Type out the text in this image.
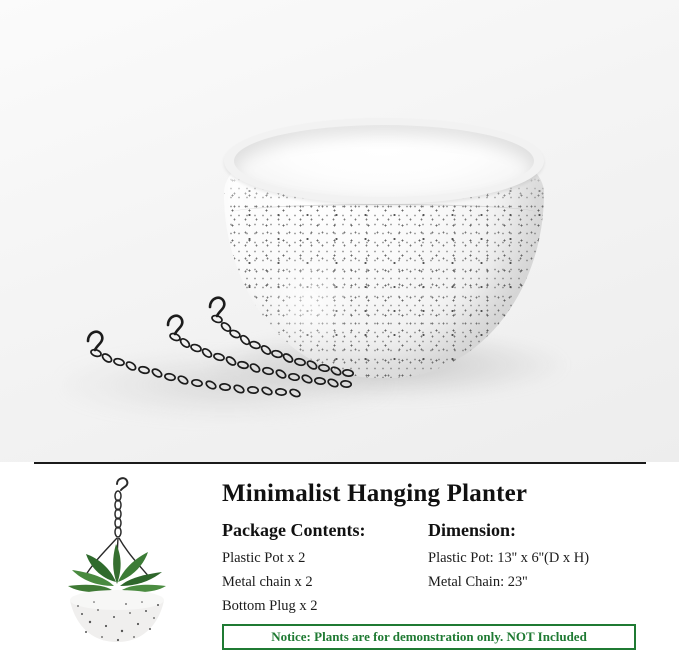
Minimalist Hanging Planter
Package Contents:
Plastic Pot x 2
Metal chain x 2
Bottom Plug x 2
Dimension:
Plastic Pot: 13'' x 6''(D x H)
Metal Chain: 23''
Notice: Plants are for demonstration only. NOT Included
